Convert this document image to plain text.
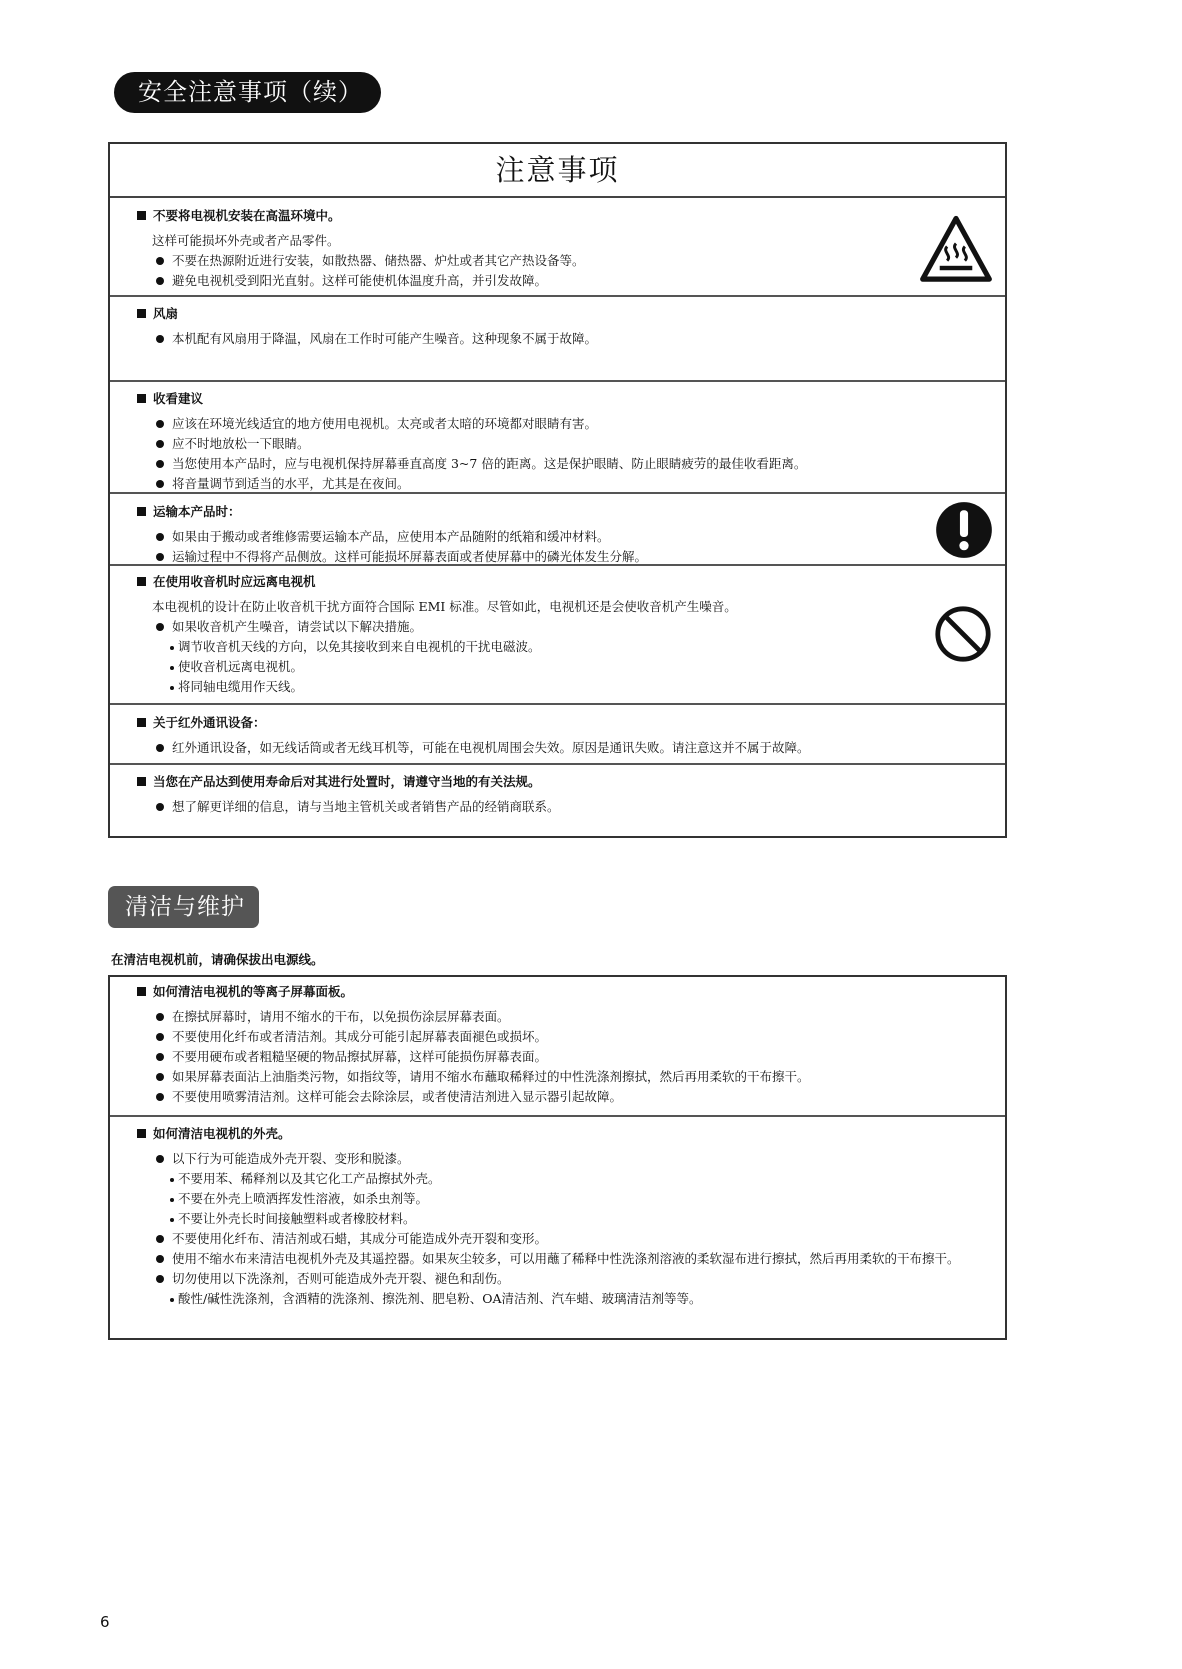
安全注意事项（续）
注意事项
不要将电视机安装在高温环境中。
这样可能损坏外壳或者产品零件。
不要在热源附近进行安装，如散热器、储热器、炉灶或者其它产热设备等。
避免电视机受到阳光直射。这样可能使机体温度升高，并引发故障。
风扇
本机配有风扇用于降温，风扇在工作时可能产生噪音。这种现象不属于故障。
收看建议
应该在环境光线适宜的地方使用电视机。太亮或者太暗的环境都对眼睛有害。
应不时地放松一下眼睛。
当您使用本产品时，应与电视机保持屏幕垂直高度 3~7 倍的距离。这是保护眼睛、防止眼睛疲劳的最佳收看距离。
将音量调节到适当的水平，尤其是在夜间。
运输本产品时：
如果由于搬动或者维修需要运输本产品，应使用本产品随附的纸箱和缓冲材料。
运输过程中不得将产品侧放。这样可能损坏屏幕表面或者使屏幕中的磷光体发生分解。
在使用收音机时应远离电视机
本电视机的设计在防止收音机干扰方面符合国际 EMI 标准。尽管如此，电视机还是会使收音机产生噪音。
如果收音机产生噪音，请尝试以下解决措施。
调节收音机天线的方向，以免其接收到来自电视机的干扰电磁波。
使收音机远离电视机。
将同轴电缆用作天线。
关于红外通讯设备：
红外通讯设备，如无线话筒或者无线耳机等，可能在电视机周围会失效。原因是通讯失败。请注意这并不属于故障。
当您在产品达到使用寿命后对其进行处置时，请遵守当地的有关法规。
想了解更详细的信息，请与当地主管机关或者销售产品的经销商联系。
清洁与维护
在清洁电视机前，请确保拔出电源线。
如何清洁电视机的等离子屏幕面板。
在擦拭屏幕时，请用不缩水的干布，以免损伤涂层屏幕表面。
不要使用化纤布或者清洁剂。其成分可能引起屏幕表面褪色或损坏。
不要用硬布或者粗糙坚硬的物品擦拭屏幕，这样可能损伤屏幕表面。
如果屏幕表面沾上油脂类污物，如指纹等，请用不缩水布蘸取稀释过的中性洗涤剂擦拭，然后再用柔软的干布擦干。
不要使用喷雾清洁剂。这样可能会去除涂层，或者使清洁剂进入显示器引起故障。
如何清洁电视机的外壳。
以下行为可能造成外壳开裂、变形和脱漆。
不要用苯、稀释剂以及其它化工产品擦拭外壳。
不要在外壳上喷洒挥发性溶液，如杀虫剂等。
不要让外壳长时间接触塑料或者橡胶材料。
不要使用化纤布、清洁剂或石蜡，其成分可能造成外壳开裂和变形。
使用不缩水布来清洁电视机外壳及其遥控器。如果灰尘较多，可以用蘸了稀释中性洗涤剂溶液的柔软湿布进行擦拭，然后再用柔软的干布擦干。
切勿使用以下洗涤剂，否则可能造成外壳开裂、褪色和刮伤。
酸性/碱性洗涤剂，含酒精的洗涤剂、擦洗剂、肥皂粉、OA清洁剂、汽车蜡、玻璃清洁剂等等。
6
